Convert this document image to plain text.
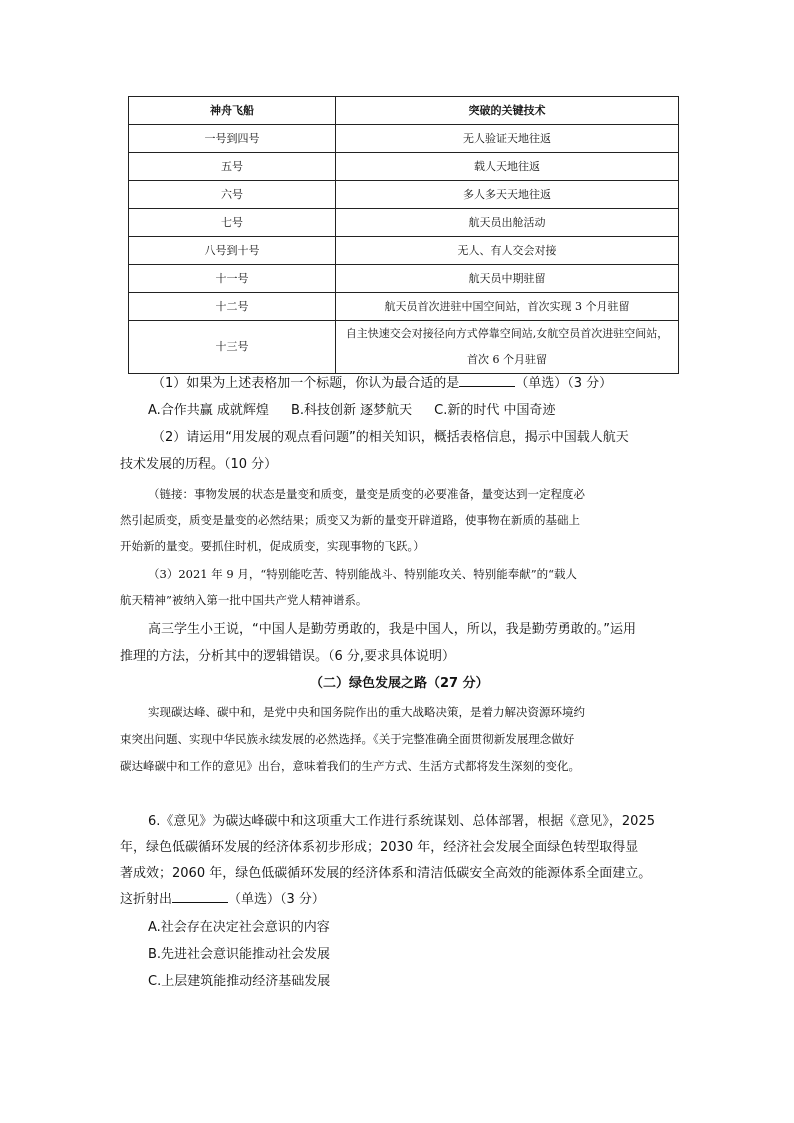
神舟飞船	突破的关键技术
一号到四号	无人验证天地往返
五号	载人天地往返
六号	多人多天天地往返
七号	航天员出舱活动
八号到十号	无人、有人交会对接
十一号	航天员中期驻留
十二号	航天员首次进驻中国空间站，首次实现 3 个月驻留
十三号	自主快速交会对接径向方式停靠空间站,女航空员首次进驻空间站，首次 6 个月驻留
（1）如果为上述表格加一个标题，你认为最合适的是	（单选）（3 分）
A.合作共赢 成就辉煌 B.科技创新 逐梦航天 C.新的时代 中国奇迹
（2）请运用“用发展的观点看问题”的相关知识，概括表格信息，揭示中国载人航天
技术发展的历程。（10 分）
（链接：事物发展的状态是量变和质变，量变是质变的必要准备，量变达到一定程度必
然引起质变，质变是量变的必然结果；质变又为新的量变开辟道路，使事物在新质的基础上
开始新的量变。要抓住时机，促成质变，实现事物的飞跃。）
（3）2021 年 9 月，“特别能吃苦、特别能战斗、特别能攻关、特别能奉献”的“载人
航天精神”被纳入第一批中国共产党人精神谱系。
高三学生小王说，“中国人是勤劳勇敢的，我是中国人，所以，我是勤劳勇敢的。”运用
推理的方法，分析其中的逻辑错误。（6 分,要求具体说明）
（二）绿色发展之路（27 分）
实现碳达峰、碳中和，是党中央和国务院作出的重大战略决策，是着力解决资源环境约
束突出问题、实现中华民族永续发展的必然选择。《关于完整准确全面贯彻新发展理念做好
碳达峰碳中和工作的意见》出台，意味着我们的生产方式、生活方式都将发生深刻的变化。
6.《意见》为碳达峰碳中和这项重大工作进行系统谋划、总体部署，根据《意见》，2025
年，绿色低碳循环发展的经济体系初步形成；2030 年，经济社会发展全面绿色转型取得显
著成效；2060 年，绿色低碳循环发展的经济体系和清洁低碳安全高效的能源体系全面建立。
这折射出	（单选）（3 分）
A.社会存在决定社会意识的内容
B.先进社会意识能推动社会发展
C.上层建筑能推动经济基础发展
